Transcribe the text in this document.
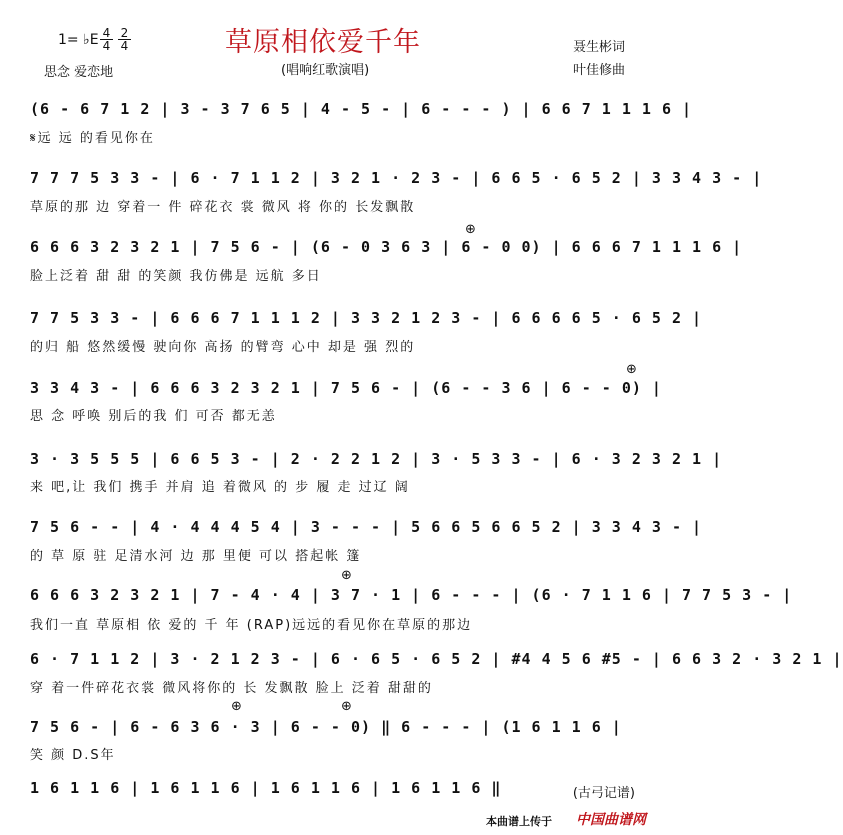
草原相依爱千年
(唱响红歌演唱)
1= ♭E 4
4
2
4
思念 爱恋地
聂生彬词
叶佳修曲
(6 - 6 7 1 2 | 3 - 3 7 6 5 | 4 - 5 - | 6 - - - ) | 6 6 7 1 1 1 6 |
𝄋远 远 的看见你在
7 7 7 5 3 3 - | 6 · 7 1 1 2 | 3 2 1 · 2 3 - | 6 6 5 · 6 5 2 | 3 3 4 3 - |
草原的那 边 穿着一 件 碎花衣 裳 微风 将 你的 长发飘散
⊕
6 6 6 3 2 3 2 1 | 7 5 6 - | (6 - 0 3 6 3 | 6 - 0 0) | 6 6 6 7 1 1 1 6 |
脸上泛着 甜 甜 的笑颜 我仿佛是 远航 多日
7 7 5 3 3 - | 6 6 6 7 1 1 1 2 | 3 3 2 1 2 3 - | 6 6 6 6 5 · 6 5 2 |
的归 船 悠然缓慢 驶向你 高扬 的臂弯 心中 却是 强 烈的
⊕
3 3 4 3 - | 6 6 6 3 2 3 2 1 | 7 5 6 - | (6 - - 3 6 | 6 - - 0) |
思 念 呼唤 别后的我 们 可否 都无恙
3 · 3 5 5 5 | 6 6 5 3 - | 2 · 2 2 1 2 | 3 · 5 3 3 - | 6 · 3 2 3 2 1 |
来 吧,让 我们 携手 并肩 追 着微风 的 步 履 走 过辽 阔
7 5 6 - - | 4 · 4 4 4 5 4 | 3 - - - | 5 6 6 5 6 6 5 2 | 3 3 4 3 - |
的 草 原 驻 足清水河 边 那 里便 可以 搭起帐 篷
⊕
6 6 6 3 2 3 2 1 | 7 - 4 · 4 | 3 7 · 1 | 6 - - - | (6 · 7 1 1 6 | 7 7 5 3 - |
我们一直 草原相 依 爱的 千 年 (RAP)远远的看见你在草原的那边
6 · 7 1 1 2 | 3 · 2 1 2 3 - | 6 · 6 5 · 6 5 2 | #4 4 5 6 #5 - | 6 6 3 2 · 3 2 1 |
穿 着一件碎花衣裳 微风将你的 长 发飘散 脸上 泛着 甜甜的
⊕	⊕
7 5 6 - | 6 - 6 3 6 · 3 | 6 - - 0) ‖ 6 - - - | (1 6 1 1 6 |
笑 颜 D.S年
1 6 1 1 6 | 1 6 1 1 6 | 1 6 1 1 6 | 1 6 1 1 6 ‖	(古弓记谱)
本曲谱上传于 中国曲谱网
